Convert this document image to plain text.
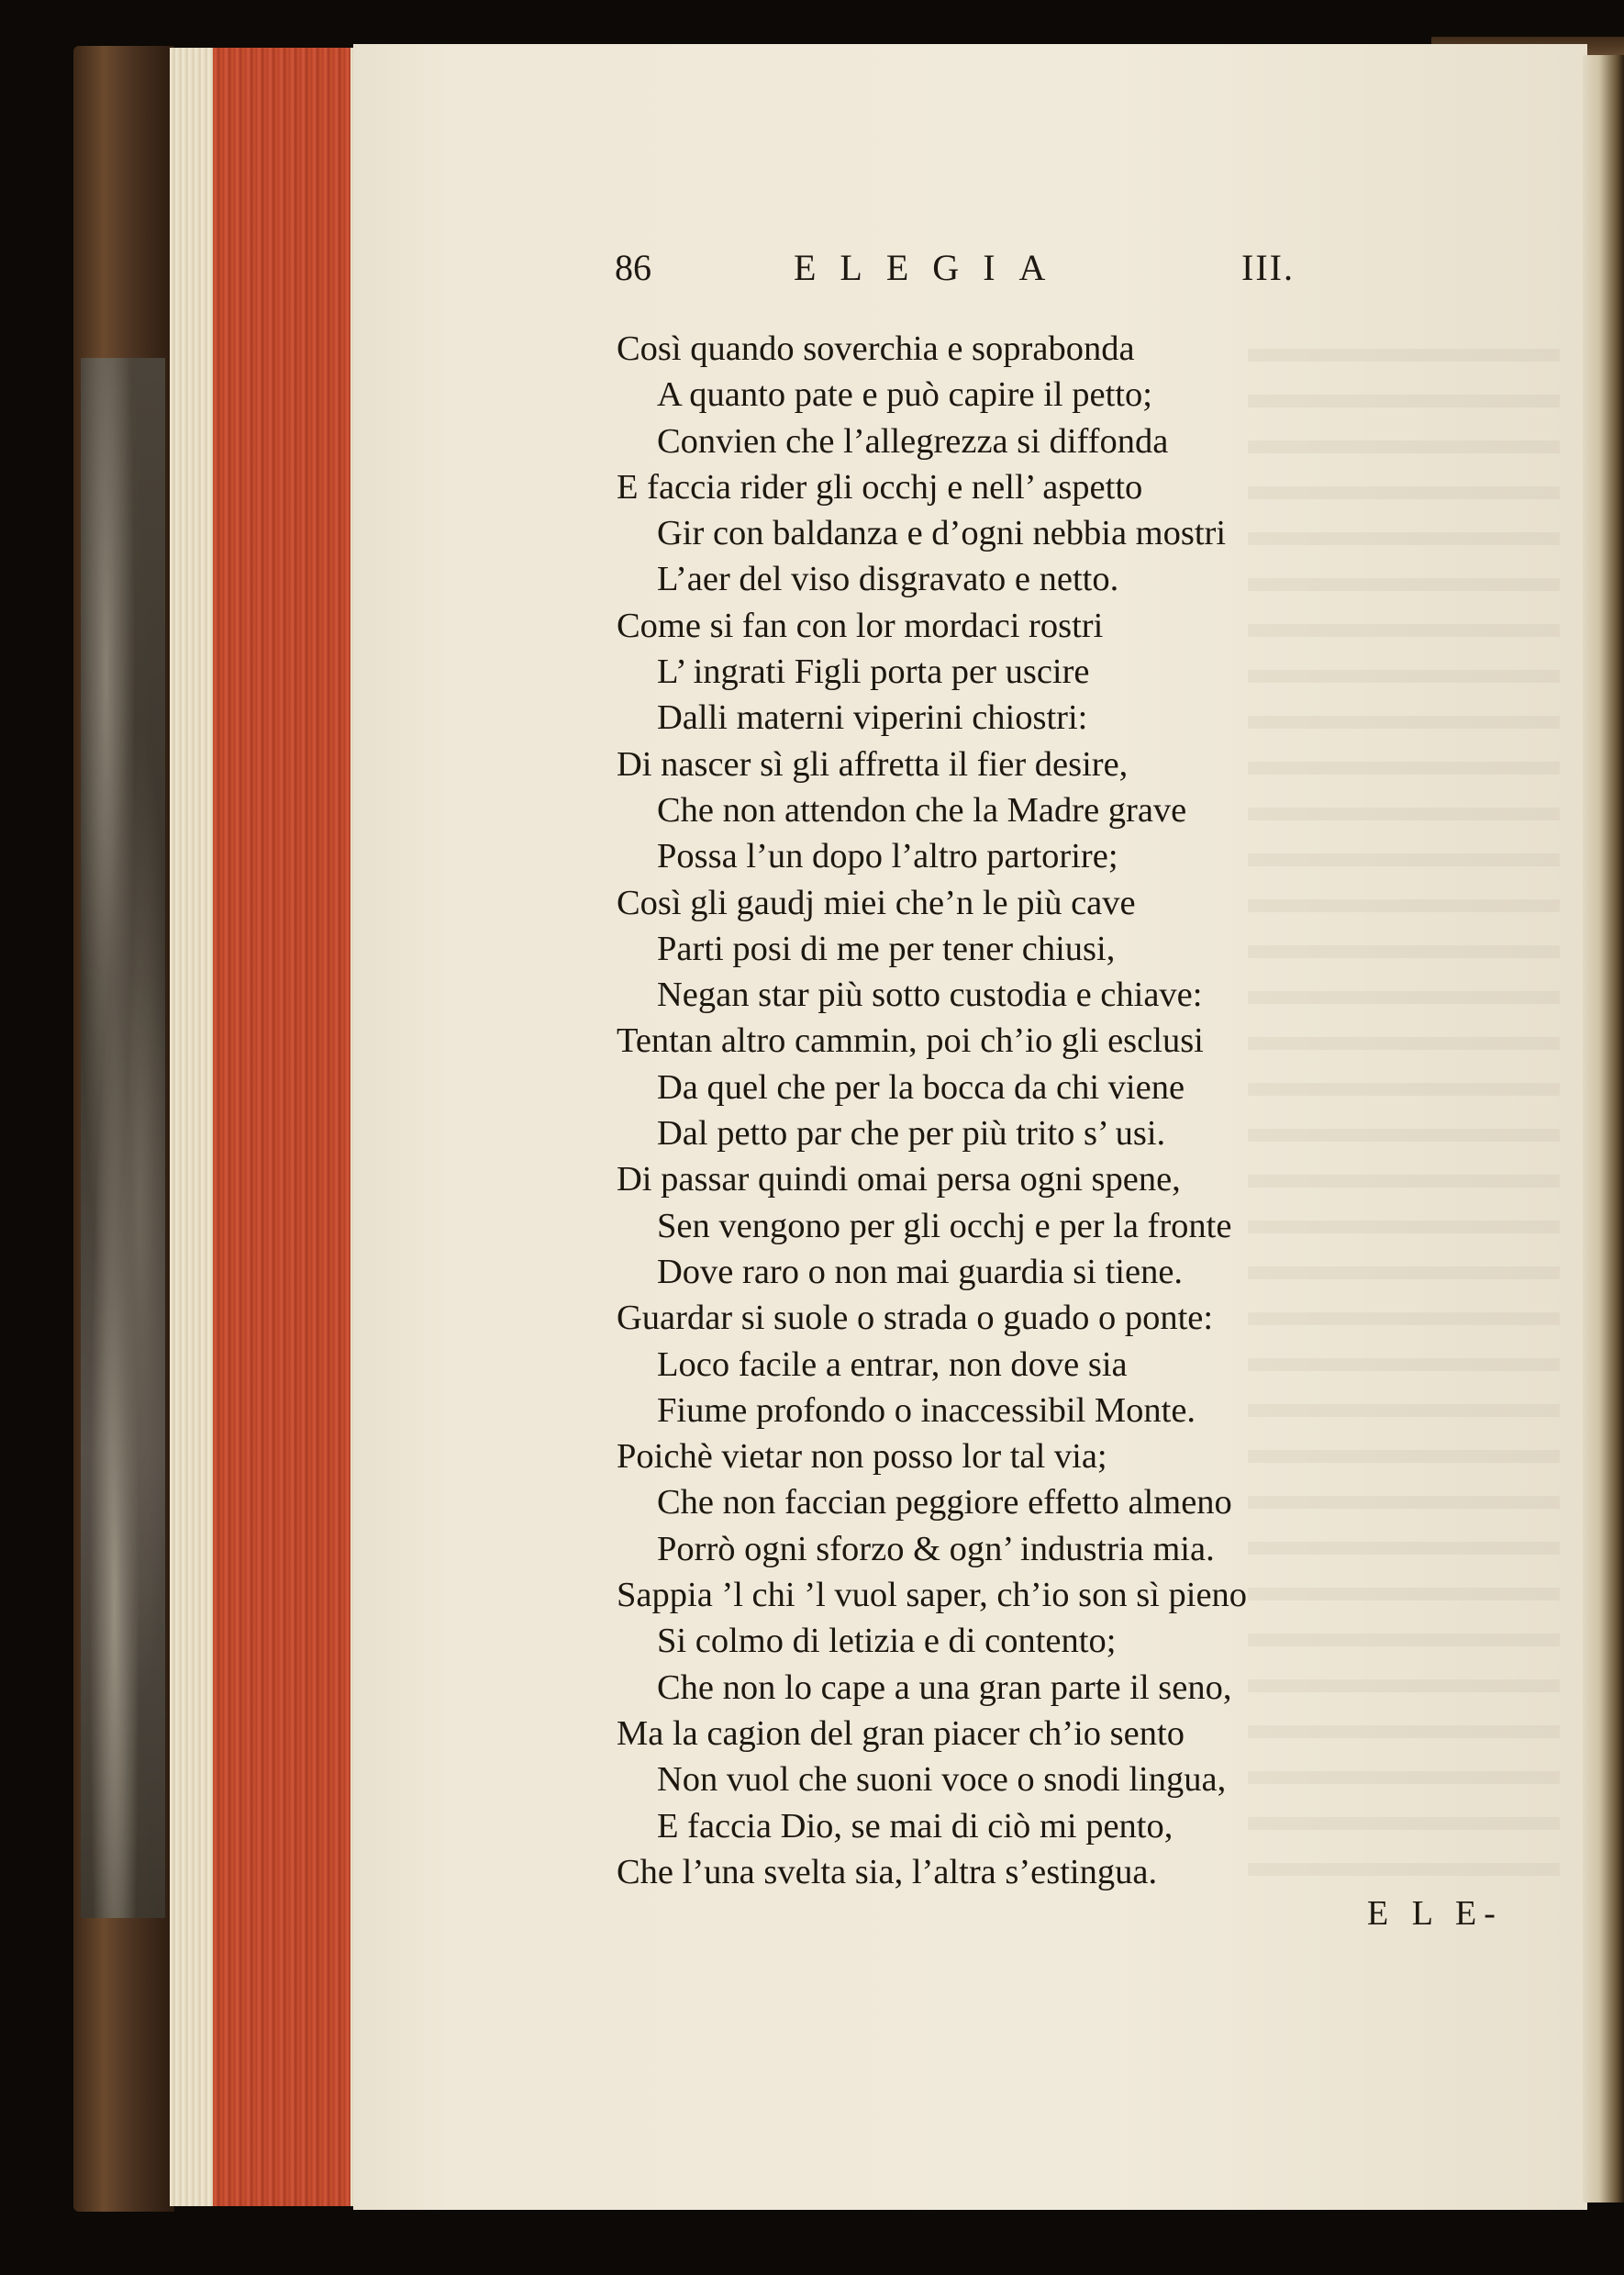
86	ELEGIA	III.
Così quando soverchia e soprabonda
A quanto pate e può capire il petto;
Convien che l’allegrezza si diffonda
E faccia rider gli occhj e nell’ aspetto
Gir con baldanza e d’ogni nebbia mostri
L’aer del viso disgravato e netto.
Come si fan con lor mordaci rostri
L’ ingrati Figli porta per uscire
Dalli materni viperini chiostri:
Di nascer sì gli affretta il fier desire,
Che non attendon che la Madre grave
Possa l’un dopo l’altro partorire;
Così gli gaudj miei che’n le più cave
Parti posi di me per tener chiusi,
Negan star più sotto custodia e chiave:
Tentan altro cammin, poi ch’io gli esclusi
Da quel che per la bocca da chi viene
Dal petto par che per più trito s’ usi.
Di passar quindi omai persa ogni spene,
Sen vengono per gli occhj e per la fronte
Dove raro o non mai guardia si tiene.
Guardar si suole o strada o guado o ponte:
Loco facile a entrar, non dove sia
Fiume profondo o inaccessibil Monte.
Poichè vietar non posso lor tal via;
Che non faccian peggiore effetto almeno
Porrò ogni sforzo & ogn’ industria mia.
Sappia ’l chi ’l vuol saper, ch’io son sì pieno
Si colmo di letizia e di contento;
Che non lo cape a una gran parte il seno,
Ma la cagion del gran piacer ch’io sento
Non vuol che suoni voce o snodi lingua,
E faccia Dio, se mai di ciò mi pento,
Che l’una svelta sia, l’altra s’estingua.
E L E-
